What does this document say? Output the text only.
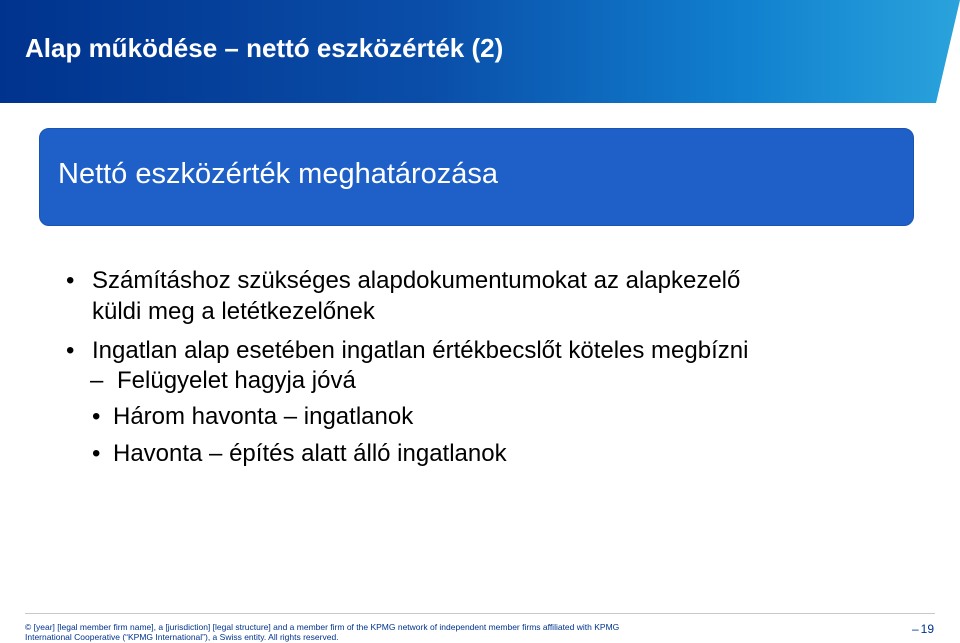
Alap működése – nettó eszközérték (2)
Nettó eszközérték meghatározása
• Számításhoz szükséges alapdokumentumokat az alapkezelő
küldi meg a letétkezelőnek
• Ingatlan alap esetében ingatlan értékbecslőt köteles megbízni
– Felügyelet hagyja jóvá
• Három havonta – ingatlanok
• Havonta – építés alatt álló ingatlanok
© [year] [legal member firm name], a [jurisdiction] [legal structure] and a member firm of the KPMG network of independent member firms affiliated with KPMG International Cooperative (“KPMG International”), a Swiss entity. All rights reserved.
– 19
